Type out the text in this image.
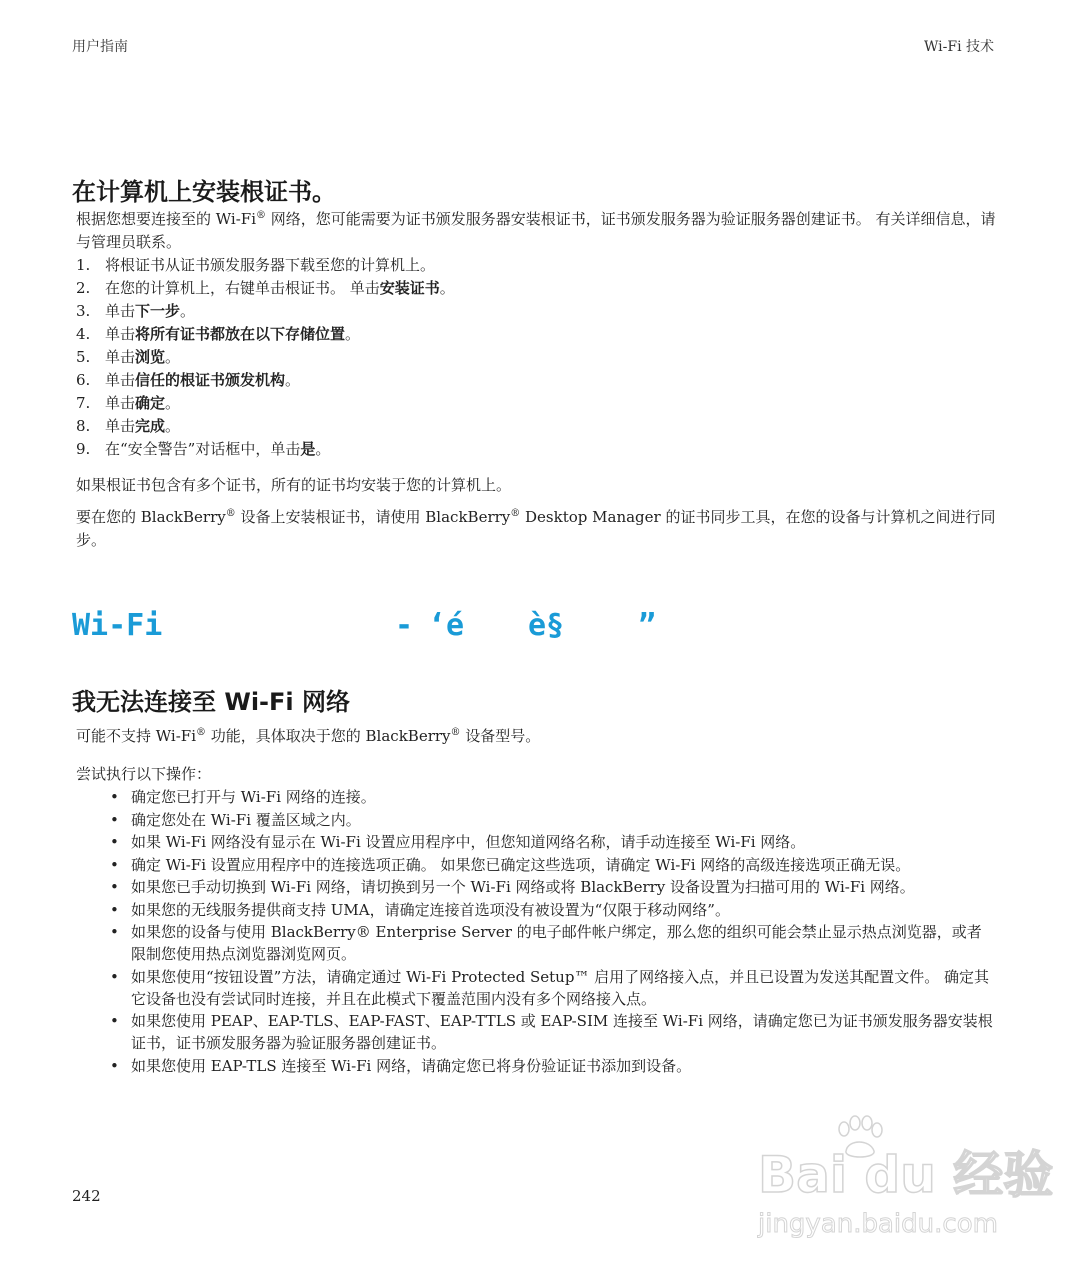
用户指南	Wi-Fi 技术
在计算机上安装根证书。

根据您想要连接至的 Wi-Fi® 网络，您可能需要为证书颁发服务器安装根证书，证书颁发服务器为验证服务器创建证书。 有关详细信息，请与管理员联系。

1. 将根证书从证书颁发服务器下载至您的计算机上。
2. 在您的计算机上，右键单击根证书。 单击安装证书。
3. 单击下一步。
4. 单击将所有证书都放在以下存储位置。
5. 单击浏览。
6. 单击信任的根证书颁发机构。
7. 单击确定。
8. 单击完成。
9. 在“安全警告”对话框中，单击是。

如果根证书包含有多个证书，所有的证书均安装于您的计算机上。

要在您的 BlackBerry® 设备上安装根证书，请使用 BlackBerry® Desktop Manager 的证书同步工具，在您的设备与计算机之间进行同步。

Wi-Fi	- ‘é è§ ”
我无法连接至 Wi-Fi 网络

可能不支持 Wi-Fi® 功能，具体取决于您的 BlackBerry® 设备型号。

尝试执行以下操作：

• 确定您已打开与 Wi-Fi 网络的连接。
• 确定您处在 Wi-Fi 覆盖区域之内。
• 如果 Wi-Fi 网络没有显示在 Wi-Fi 设置应用程序中，但您知道网络名称，请手动连接至 Wi-Fi 网络。
• 确定 Wi-Fi 设置应用程序中的连接选项正确。 如果您已确定这些选项，请确定 Wi-Fi 网络的高级连接选项正确无误。
• 如果您已手动切换到 Wi-Fi 网络，请切换到另一个 Wi-Fi 网络或将 BlackBerry 设备设置为扫描可用的 Wi-Fi 网络。
• 如果您的无线服务提供商支持 UMA，请确定连接首选项没有被设置为“仅限于移动网络”。
• 如果您的设备与使用 BlackBerry® Enterprise Server 的电子邮件帐户绑定，那么您的组织可能会禁止显示热点浏览器，或者限制您使用热点浏览器浏览网页。
• 如果您使用“按钮设置”方法，请确定通过 Wi-Fi Protected Setup™ 启用了网络接入点，并且已设置为发送其配置文件。 确定其它设备也没有尝试同时连接，并且在此模式下覆盖范围内没有多个网络接入点。
• 如果您使用 PEAP、EAP-TLS、EAP-FAST、EAP-TTLS 或 EAP-SIM 连接至 Wi-Fi 网络，请确定您已为证书颁发服务器安装根证书，证书颁发服务器为验证服务器创建证书。
• 如果您使用 EAP-TLS 连接至 Wi-Fi 网络，请确定您已将身份验证证书添加到设备。
242	Bai du 经验
jingyan.baidu.com
